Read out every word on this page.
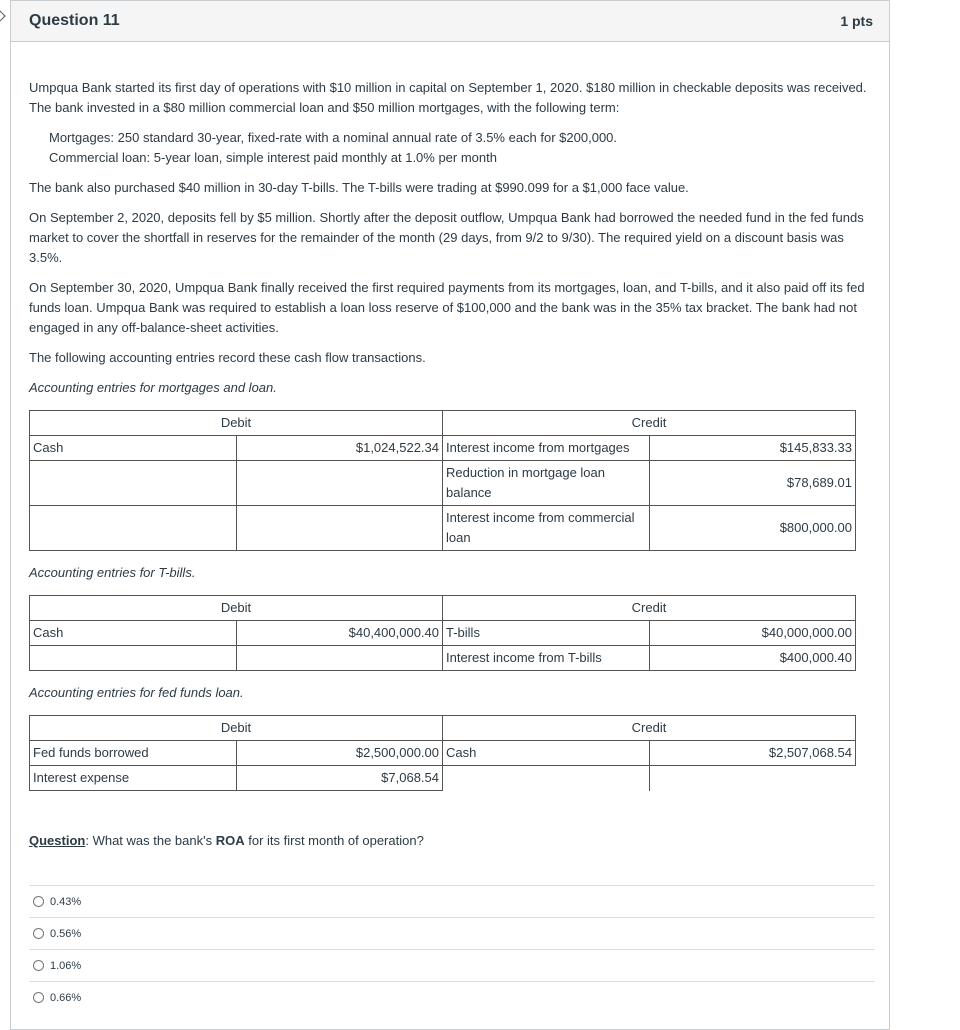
Question 11	1 pts

Umpqua Bank started its first day of operations with $10 million in capital on September 1, 2020. $180 million in checkable deposits was received. The bank invested in a $80 million commercial loan and $50 million mortgages, with the following term:

Mortgages: 250 standard 30-year, fixed-rate with a nominal annual rate of 3.5% each for $200,000.
Commercial loan: 5-year loan, simple interest paid monthly at 1.0% per month

The bank also purchased $40 million in 30-day T-bills. The T-bills were trading at $990.099 for a $1,000 face value.

On September 2, 2020, deposits fell by $5 million. Shortly after the deposit outflow, Umpqua Bank had borrowed the needed fund in the fed funds market to cover the shortfall in reserves for the remainder of the month (29 days, from 9/2 to 9/30). The required yield on a discount basis was 3.5%.

On September 30, 2020, Umpqua Bank finally received the first required payments from its mortgages, loan, and T-bills, and it also paid off its fed funds loan. Umpqua Bank was required to establish a loan loss reserve of $100,000 and the bank was in the 35% tax bracket. The bank had not engaged in any off-balance-sheet activities.

The following accounting entries record these cash flow transactions.

Accounting entries for mortgages and loan.
Debit		Credit	
Cash	$1,024,522.34	Interest income from mortgages	$145,833.33
		Reduction in mortgage loan balance	$78,689.01
		Interest income from commercial loan	$800,000.00
Accounting entries for T-bills.
Debit		Credit	
Cash	$40,400,000.40	T-bills	$40,000,000.00
		Interest income from T-bills	$400,000.40
Accounting entries for fed funds loan.
Debit		Credit	
Fed funds borrowed	$2,500,000.00	Cash	$2,507,068.54
Interest expense	$7,068.54		
Question: What was the bank's ROA for its first month of operation?
0.43%
0.56%
1.06%
0.66%
